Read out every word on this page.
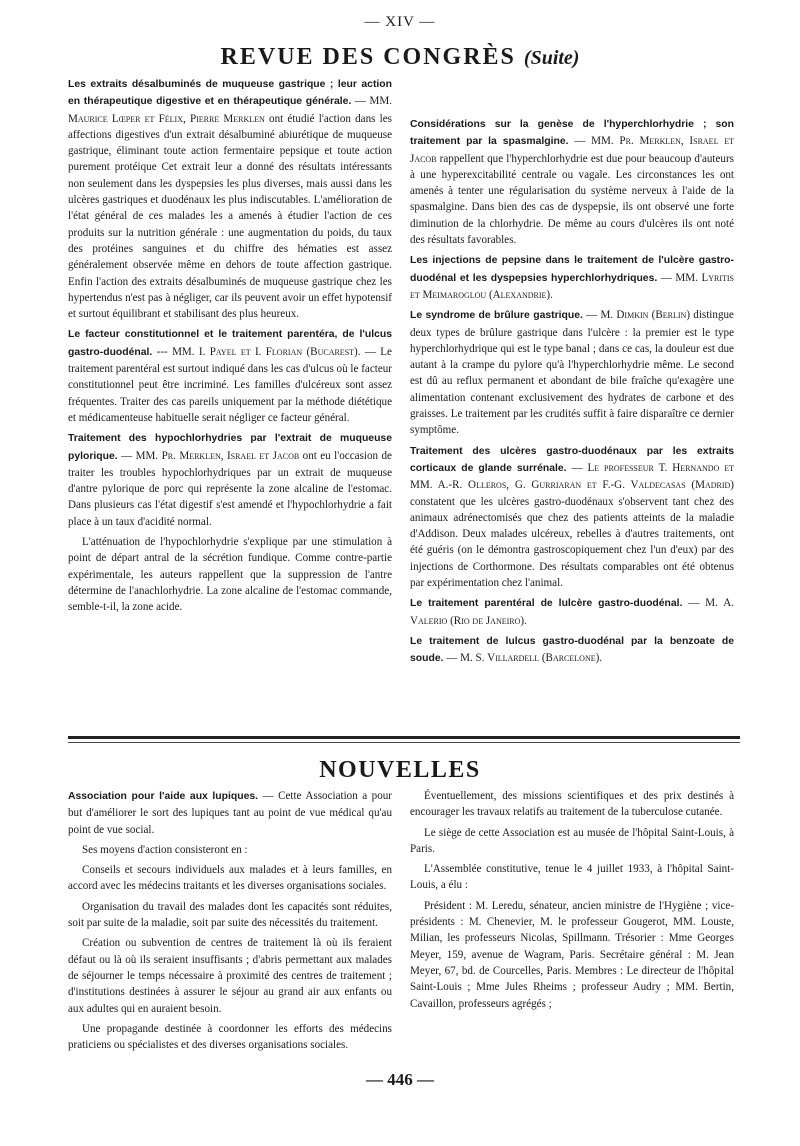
— XIV —
REVUE DES CONGRÈS (Suite)

Les extraits désalbuminés de muqueuse gastrique ; leur action en thérapeutique digestive et en thérapeutique générale. — MM. Maurice Lœper et Félix, Pierre Merklen ont étudié l'action dans les affections digestives d'un extrait désalbuminé abiurétique de muqueuse gastrique, éliminant toute action fermentaire pepsique et toute action purement protéique Cet extrait leur a donné des résultats intéressants non seulement dans les dyspepsies les plus diverses, mais aussi dans les ulcères gastriques et duodénaux les plus indiscutables. L'amélioration de l'état général de ces malades les a amenés à étudier l'action de ces produits sur la nutrition générale : une augmentation du poids, du taux des protéines sanguines et du chiffre des hématies est assez généralement observée même en dehors de toute affection gastrique. Enfin l'action des extraits désalbuminés de muqueuse gastrique chez les hypertendus n'est pas à négliger, car ils peuvent avoir un effet hypotensif et surtout équilibrant et stabilisant des plus heureux.

Le facteur constitutionnel et le traitement parentéra, de l'ulcus gastro-duodénal. --- MM. I. Payel et I. Florian (Bucarest). — Le traitement parentéral est surtout indiqué dans les cas d'ulcus où le facteur constitutionnel peut être incriminé. Les familles d'ulcéreux sont assez fréquentes. Traiter des cas pareils uniquement par la méthode diététique et médicamenteuse habituelle serait négliger ce facteur général.

Traitement des hypochlorhydries par l'extrait de muqueuse pylorique. — MM. Pr. Merklen, Israel et Jacob ont eu l'occasion de traiter les troubles hypochlorhydriques par un extrait de muqueuse d'antre pylorique de porc qui représente la zone alcaline de l'estomac. Dans plusieurs cas l'état digestif s'est amendé et l'hypochlorhydrie a fait place à un taux d'acidité normal.

L'atténuation de l'hypochlorhydrie s'explique par une stimulation à point de départ antral de la sécrétion fundique. Comme contre-partie expérimentale, les auteurs rappellent que la suppression de l'antre détermine de l'anachlorhydrie. La zone alcaline de l'estomac commande, semble-t-il, la zone acide.

Considérations sur la genèse de l'hyperchlorhydrie ; son traitement par la spasmalgine. — MM. Pr. Merklen, Israel et Jacob rappellent que l'hyperchlorhydrie est due pour beaucoup d'auteurs à une hyperexcitabilité centrale ou vagale. Les circonstances les ont amenés à tenter une régularisation du système nerveux à l'aide de la spasmalgine. Dans bien des cas de dyspepsie, ils ont observé une forte diminution de la chlorhydrie. De même au cours d'ulcères ils ont noté des résultats favorables.

Les injections de pepsine dans le traitement de l'ulcère gastro-duodénal et les dyspepsies hyperchlorhydriques. — MM. Lyritis et Meimaroglou (Alexandrie).

Le syndrome de brûlure gastrique. — M. Dimkin (Berlin) distingue deux types de brûlure gastrique dans l'ulcère : la premier est le type hyperchlorhydrique qui est le type banal ; dans ce cas, la douleur est due autant à la crampe du pylore qu'à l'hyperchlorhydrie même. Le second est dû au reflux permanent et abondant de bile fraîche qu'exagère une alimentation contenant exclusivement des hydrates de carbone et des graisses. Le traitement par les crudités suffit à faire disparaître ce dernier symptôme.

Traitement des ulcères gastro-duodénaux par les extraits corticaux de glande surrénale. — Le professeur T. Hernando et MM. A.-R. Olleros, G. Gurriaran et F.-G. Valdecasas (Madrid) constatent que les ulcères gastro-duodénaux s'observent tant chez des animaux adrénectomisés que chez des patients atteints de la maladie d'Addison. Deux malades ulcéreux, rebelles à d'autres traitements, ont été guéris (on le démontra gastroscopiquement chez l'un d'eux) par des injections de Corthormone. Des résultats comparables ont été obtenus par expérimentation chez l'animal.

Le traitement parentéral de lulcère gastro-duodénal. — M. A. Valerio (Rio de Janeiro).

Le traitement de lulcus gastro-duodénal par la benzoate de soude. — M. S. Villardell (Barcelone).

NOUVELLES

Association pour l'aide aux lupiques. — Cette Association a pour but d'améliorer le sort des lupiques tant au point de vue médical qu'au point de vue social.

Ses moyens d'action consisteront en :

Conseils et secours individuels aux malades et à leurs familles, en accord avec les médecins traitants et les diverses organisations sociales.

Organisation du travail des malades dont les capacités sont réduites, soit par suite de la maladie, soit par suite des nécessités du traitement.

Création ou subvention de centres de traitement là où ils feraient défaut ou là où ils seraient insuffisants ; d'abris permettant aux malades de séjourner le temps nécessaire à proximité des centres de traitement ; d'institutions destinées à assurer le séjour au grand air aux enfants ou aux adultes qui en auraient besoin.

Une propagande destinée à coordonner les efforts des médecins praticiens ou spécialistes et des diverses organisations sociales.

Éventuellement, des missions scientifiques et des prix destinés à encourager les travaux relatifs au traitement de la tuberculose cutanée.

Le siège de cette Association est au musée de l'hôpital Saint-Louis, à Paris.

L'Assemblée constitutive, tenue le 4 juillet 1933, à l'hôpital Saint-Louis, a élu :

Président : M. Leredu, sénateur, ancien ministre de l'Hygiène ; vice-présidents : M. Chenevier, M. le professeur Gougerot, MM. Louste, Milian, les professeurs Nicolas, Spillmann. Trésorier : Mme Georges Meyer, 159, avenue de Wagram, Paris. Secrétaire général : M. Jean Meyer, 67, bd. de Courcelles, Paris. Membres : Le directeur de l'hôpital Saint-Louis ; Mme Jules Rheims ; professeur Audry ; MM. Bertin, Cavaillon, professeurs agrégés ;

— 446 —
